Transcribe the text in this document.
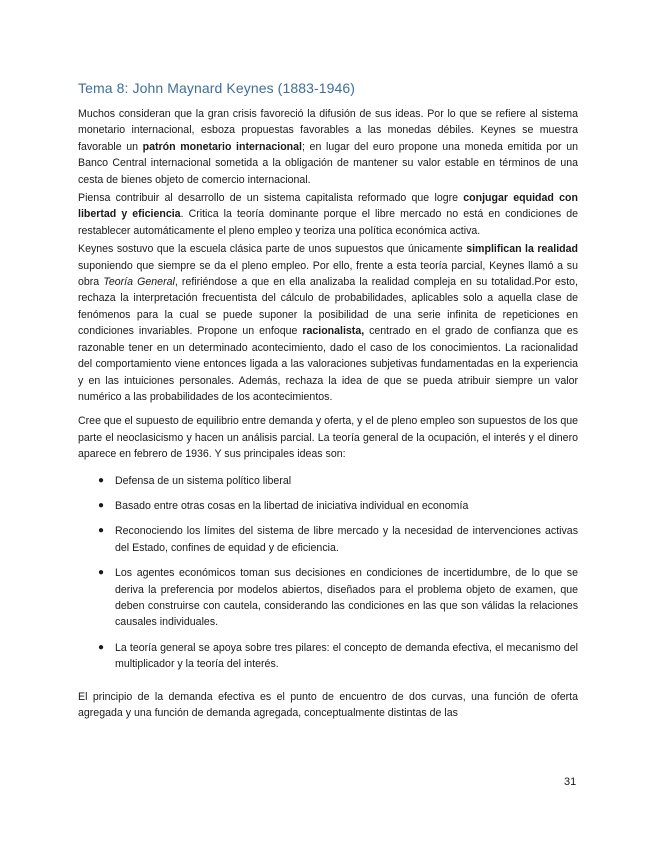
Tema 8: John Maynard Keynes (1883-1946)

Muchos consideran que la gran crisis favoreció la difusión de sus ideas. Por lo que se refiere al sistema monetario internacional, esboza propuestas favorables a las monedas débiles. Keynes se muestra favorable un patrón monetario internacional; en lugar del euro propone una moneda emitida por un Banco Central internacional sometida a la obligación de mantener su valor estable en términos de una cesta de bienes objeto de comercio internacional.

Piensa contribuir al desarrollo de un sistema capitalista reformado que logre conjugar equidad con libertad y eficiencia. Critica la teoría dominante porque el libre mercado no está en condiciones de restablecer automáticamente el pleno empleo y teoriza una política económica activa.

Keynes sostuvo que la escuela clásica parte de unos supuestos que únicamente simplifican la realidad suponiendo que siempre se da el pleno empleo. Por ello, frente a esta teoría parcial, Keynes llamó a su obra Teoría General, refiriéndose a que en ella analizaba la realidad compleja en su totalidad.Por esto, rechaza la interpretación frecuentista del cálculo de probabilidades, aplicables solo a aquella clase de fenómenos para la cual se puede suponer la posibilidad de una serie infinita de repeticiones en condiciones invariables. Propone un enfoque racionalista, centrado en el grado de confianza que es razonable tener en un determinado acontecimiento, dado el caso de los conocimientos. La racionalidad del comportamiento viene entonces ligada a las valoraciones subjetivas fundamentadas en la experiencia y en las intuiciones personales. Además, rechaza la idea de que se pueda atribuir siempre un valor numérico a las probabilidades de los acontecimientos.

Cree que el supuesto de equilibrio entre demanda y oferta, y el de pleno empleo son supuestos de los que parte el neoclasicismo y hacen un análisis parcial. La teoría general de la ocupación, el interés y el dinero aparece en febrero de 1936. Y sus principales ideas son:

● Defensa de un sistema político liberal
● Basado entre otras cosas en la libertad de iniciativa individual en economía
● Reconociendo los límites del sistema de libre mercado y la necesidad de intervenciones activas del Estado, confines de equidad y de eficiencia.
● Los agentes económicos toman sus decisiones en condiciones de incertidumbre, de lo que se deriva la preferencia por modelos abiertos, diseñados para el problema objeto de examen, que deben construirse con cautela, considerando las condiciones en las que son válidas la relaciones causales individuales.
● La teoría general se apoya sobre tres pilares: el concepto de demanda efectiva, el mecanismo del multiplicador y la teoría del interés.

El principio de la demanda efectiva es el punto de encuentro de dos curvas, una función de oferta agregada y una función de demanda agregada, conceptualmente distintas de las

31
